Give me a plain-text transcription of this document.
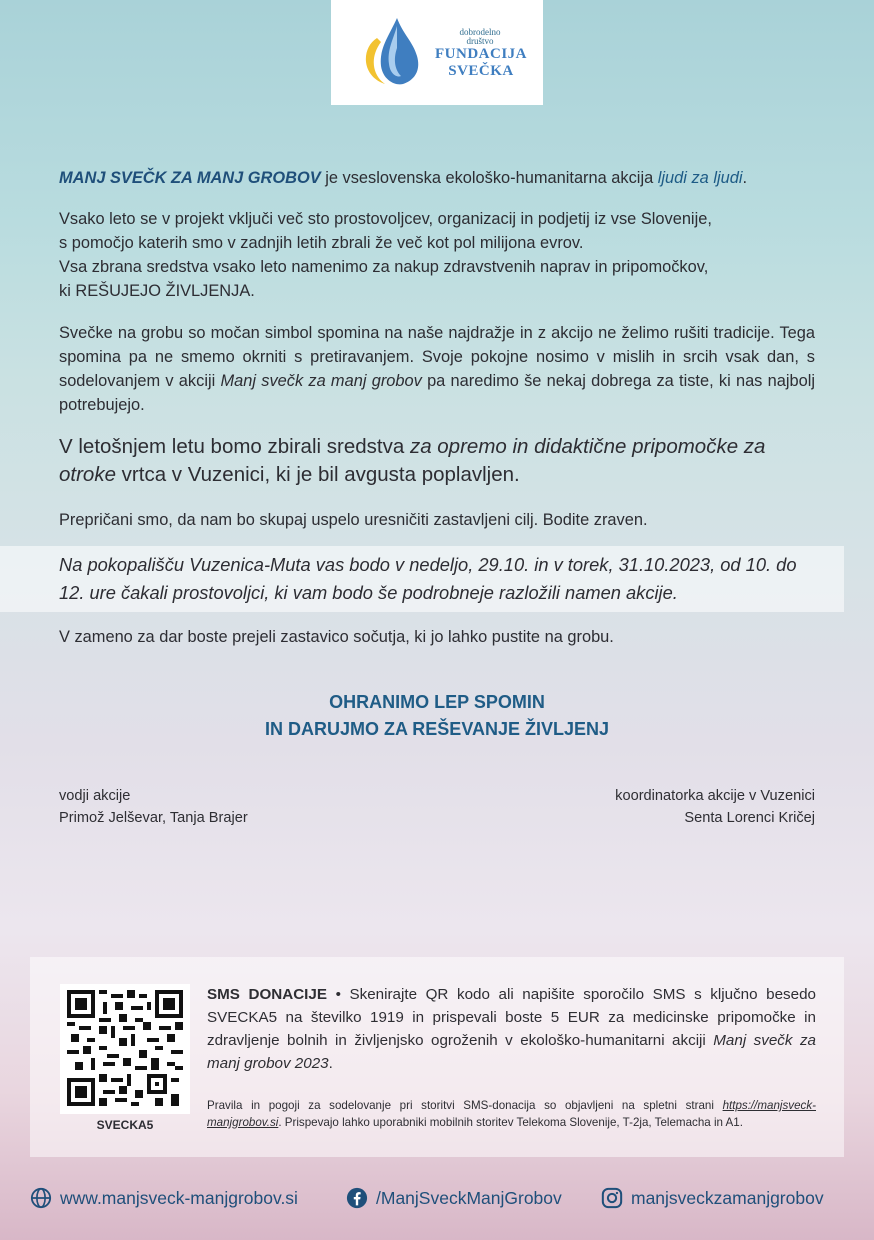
dobrodelno
društvo
FUNDACIJA
SVEČKA
MANJ SVEČK ZA MANJ GROBOV je vseslovenska ekološko-humanitarna akcija ljudi za ljudi.
Vsako leto se v projekt vključi več sto prostovoljcev, organizacij in podjetij iz vse Slovenije,
s pomočjo katerih smo v zadnjih letih zbrali že več kot pol milijona evrov.
Vsa zbrana sredstva vsako leto namenimo za nakup zdravstvenih naprav in pripomočkov,
ki REŠUJEJO ŽIVLJENJA.
Svečke na grobu so močan simbol spomina na naše najdražje in z akcijo ne želimo rušiti tradicije. Tega spomina pa ne smemo okrniti s pretiravanjem. Svoje pokojne nosimo v mislih in srcih vsak dan, s sodelovanjem v akciji Manj svečk za manj grobov pa naredimo še nekaj dobrega za tiste, ki nas najbolj potrebujejo.
V letošnjem letu bomo zbirali sredstva za opremo in didaktične pripomočke za otroke vrtca v Vuzenici, ki je bil avgusta poplavljen.
Prepričani smo, da nam bo skupaj uspelo uresničiti zastavljeni cilj. Bodite zraven.
Na pokopališču Vuzenica-Muta vas bodo v nedeljo, 29.10. in v torek, 31.10.2023, od 10. do 12. ure čakali prostovoljci, ki vam bodo še podrobneje razložili namen akcije.
V zameno za dar boste prejeli zastavico sočutja, ki jo lahko pustite na grobu.
OHRANIMO LEP SPOMIN
IN DARUJMO ZA REŠEVANJE ŽIVLJENJ
vodji akcije
Primož Jelševar, Tanja Brajer
koordinatorka akcije v Vuzenici
Senta Lorenci Kričej
SVECKA5
SMS DONACIJE • Skenirajte QR kodo ali napišite sporočilo SMS s ključno besedo SVECKA5 na številko 1919 in prispevali boste 5 EUR za medicinske pripomočke in zdravljenje bolnih in življenjsko ogroženih v ekološko-humanitarni akciji Manj svečk za manj grobov 2023.
Pravila in pogoji za sodelovanje pri storitvi SMS-donacija so objavljeni na spletni strani https://manjsveck-manjgrobov.si. Prispevajo lahko uporabniki mobilnih storitev Telekoma Slovenije, T-2ja, Telemacha in A1.
www.manjsveck-manjgrobov.si	/ManjSveckManjGrobov	manjsveckzamanjgrobov
